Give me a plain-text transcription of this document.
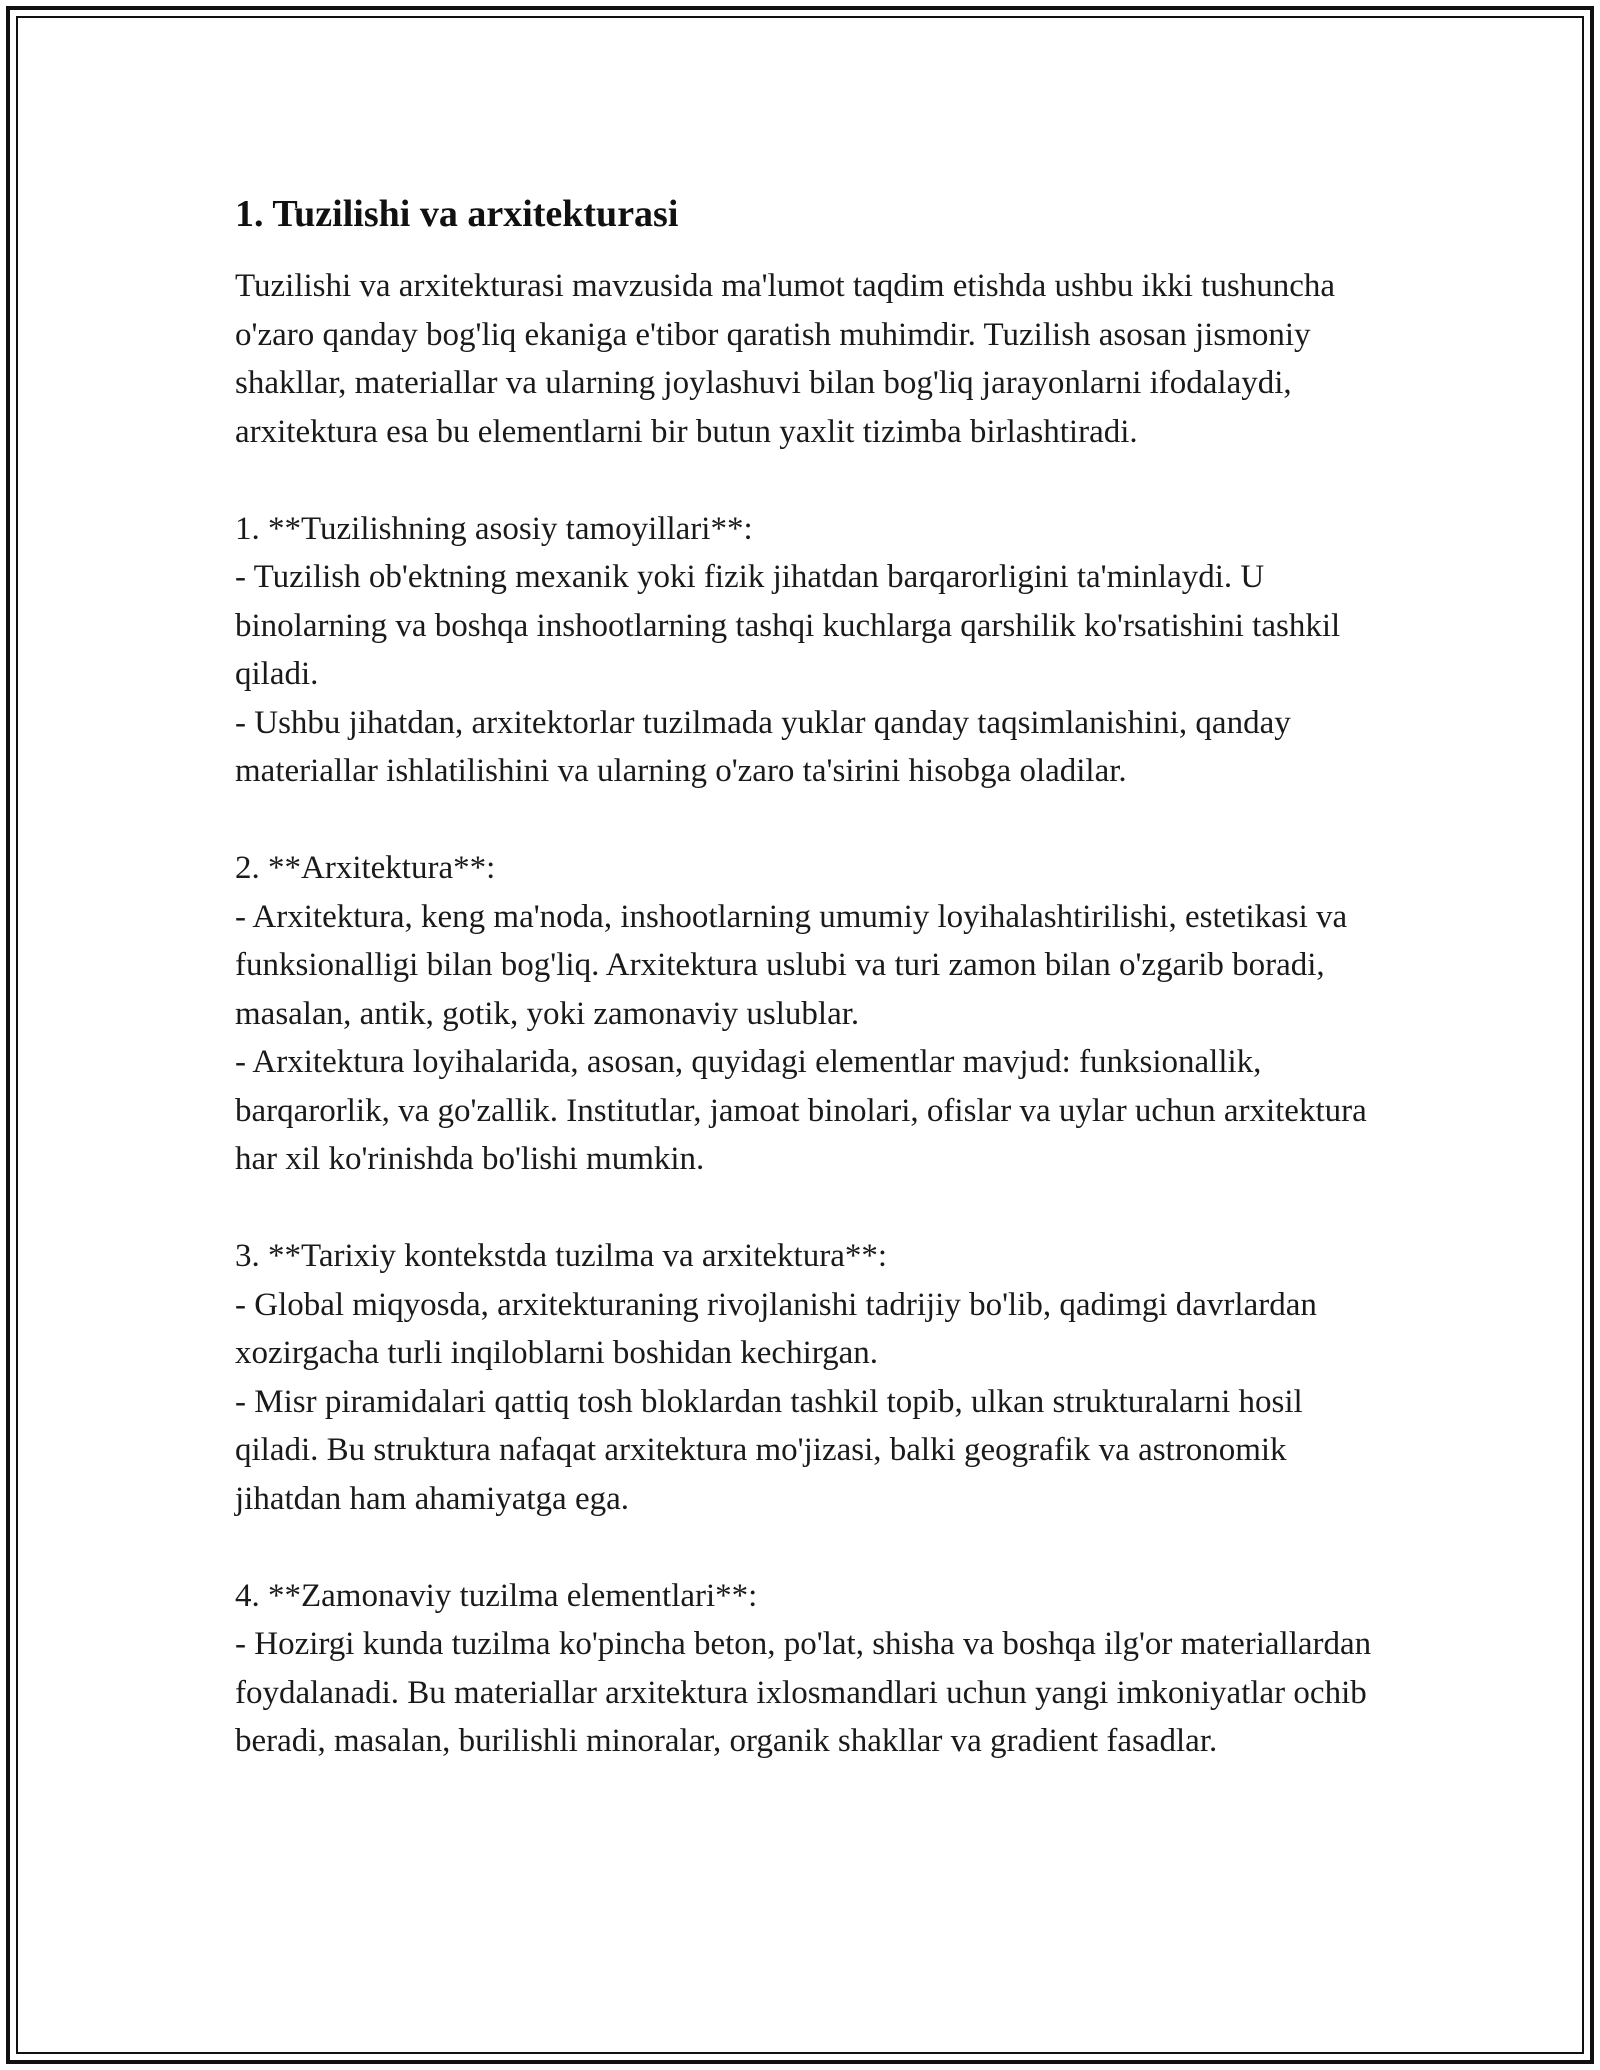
1. Tuzilishi va arxitekturasi

Tuzilishi va arxitekturasi mavzusida ma'lumot taqdim etishda ushbu ikki tushuncha o'zaro qanday bog'liq ekaniga e'tibor qaratish muhimdir. Tuzilish asosan jismoniy shakllar, materiallar va ularning joylashuvi bilan bog'liq jarayonlarni ifodalaydi, arxitektura esa bu elementlarni bir butun yaxlit tizimba birlashtiradi.

1. **Tuzilishning asosiy tamoyillari**:

- Tuzilish ob'ektning mexanik yoki fizik jihatdan barqarorligini ta'minlaydi. U binolarning va boshqa inshootlarning tashqi kuchlarga qarshilik ko'rsatishini tashkil qiladi.

- Ushbu jihatdan, arxitektorlar tuzilmada yuklar qanday taqsimlanishini, qanday materiallar ishlatilishini va ularning o'zaro ta'sirini hisobga oladilar.

2. **Arxitektura**:

- Arxitektura, keng ma'noda, inshootlarning umumiy loyihalashtirilishi, estetikasi va funksionalligi bilan bog'liq. Arxitektura uslubi va turi zamon bilan o'zgarib boradi, masalan, antik, gotik, yoki zamonaviy uslublar.

- Arxitektura loyihalarida, asosan, quyidagi elementlar mavjud: funksionallik, barqarorlik, va go'zallik. Institutlar, jamoat binolari, ofislar va uylar uchun arxitektura har xil ko'rinishda bo'lishi mumkin.

3. **Tarixiy kontekstda tuzilma va arxitektura**:

- Global miqyosda, arxitekturaning rivojlanishi tadrijiy bo'lib, qadimgi davrlardan xozirgacha turli inqiloblarni boshidan kechirgan.

- Misr piramidalari qattiq tosh bloklardan tashkil topib, ulkan strukturalarni hosil qiladi. Bu struktura nafaqat arxitektura mo'jizasi, balki geografik va astronomik jihatdan ham ahamiyatga ega.

4. **Zamonaviy tuzilma elementlari**:

- Hozirgi kunda tuzilma ko'pincha beton, po'lat, shisha va boshqa ilg'or materiallardan foydalanadi. Bu materiallar arxitektura ixlosmandlari uchun yangi imkoniyatlar ochib beradi, masalan, burilishli minoralar, organik shakllar va gradient fasadlar.
